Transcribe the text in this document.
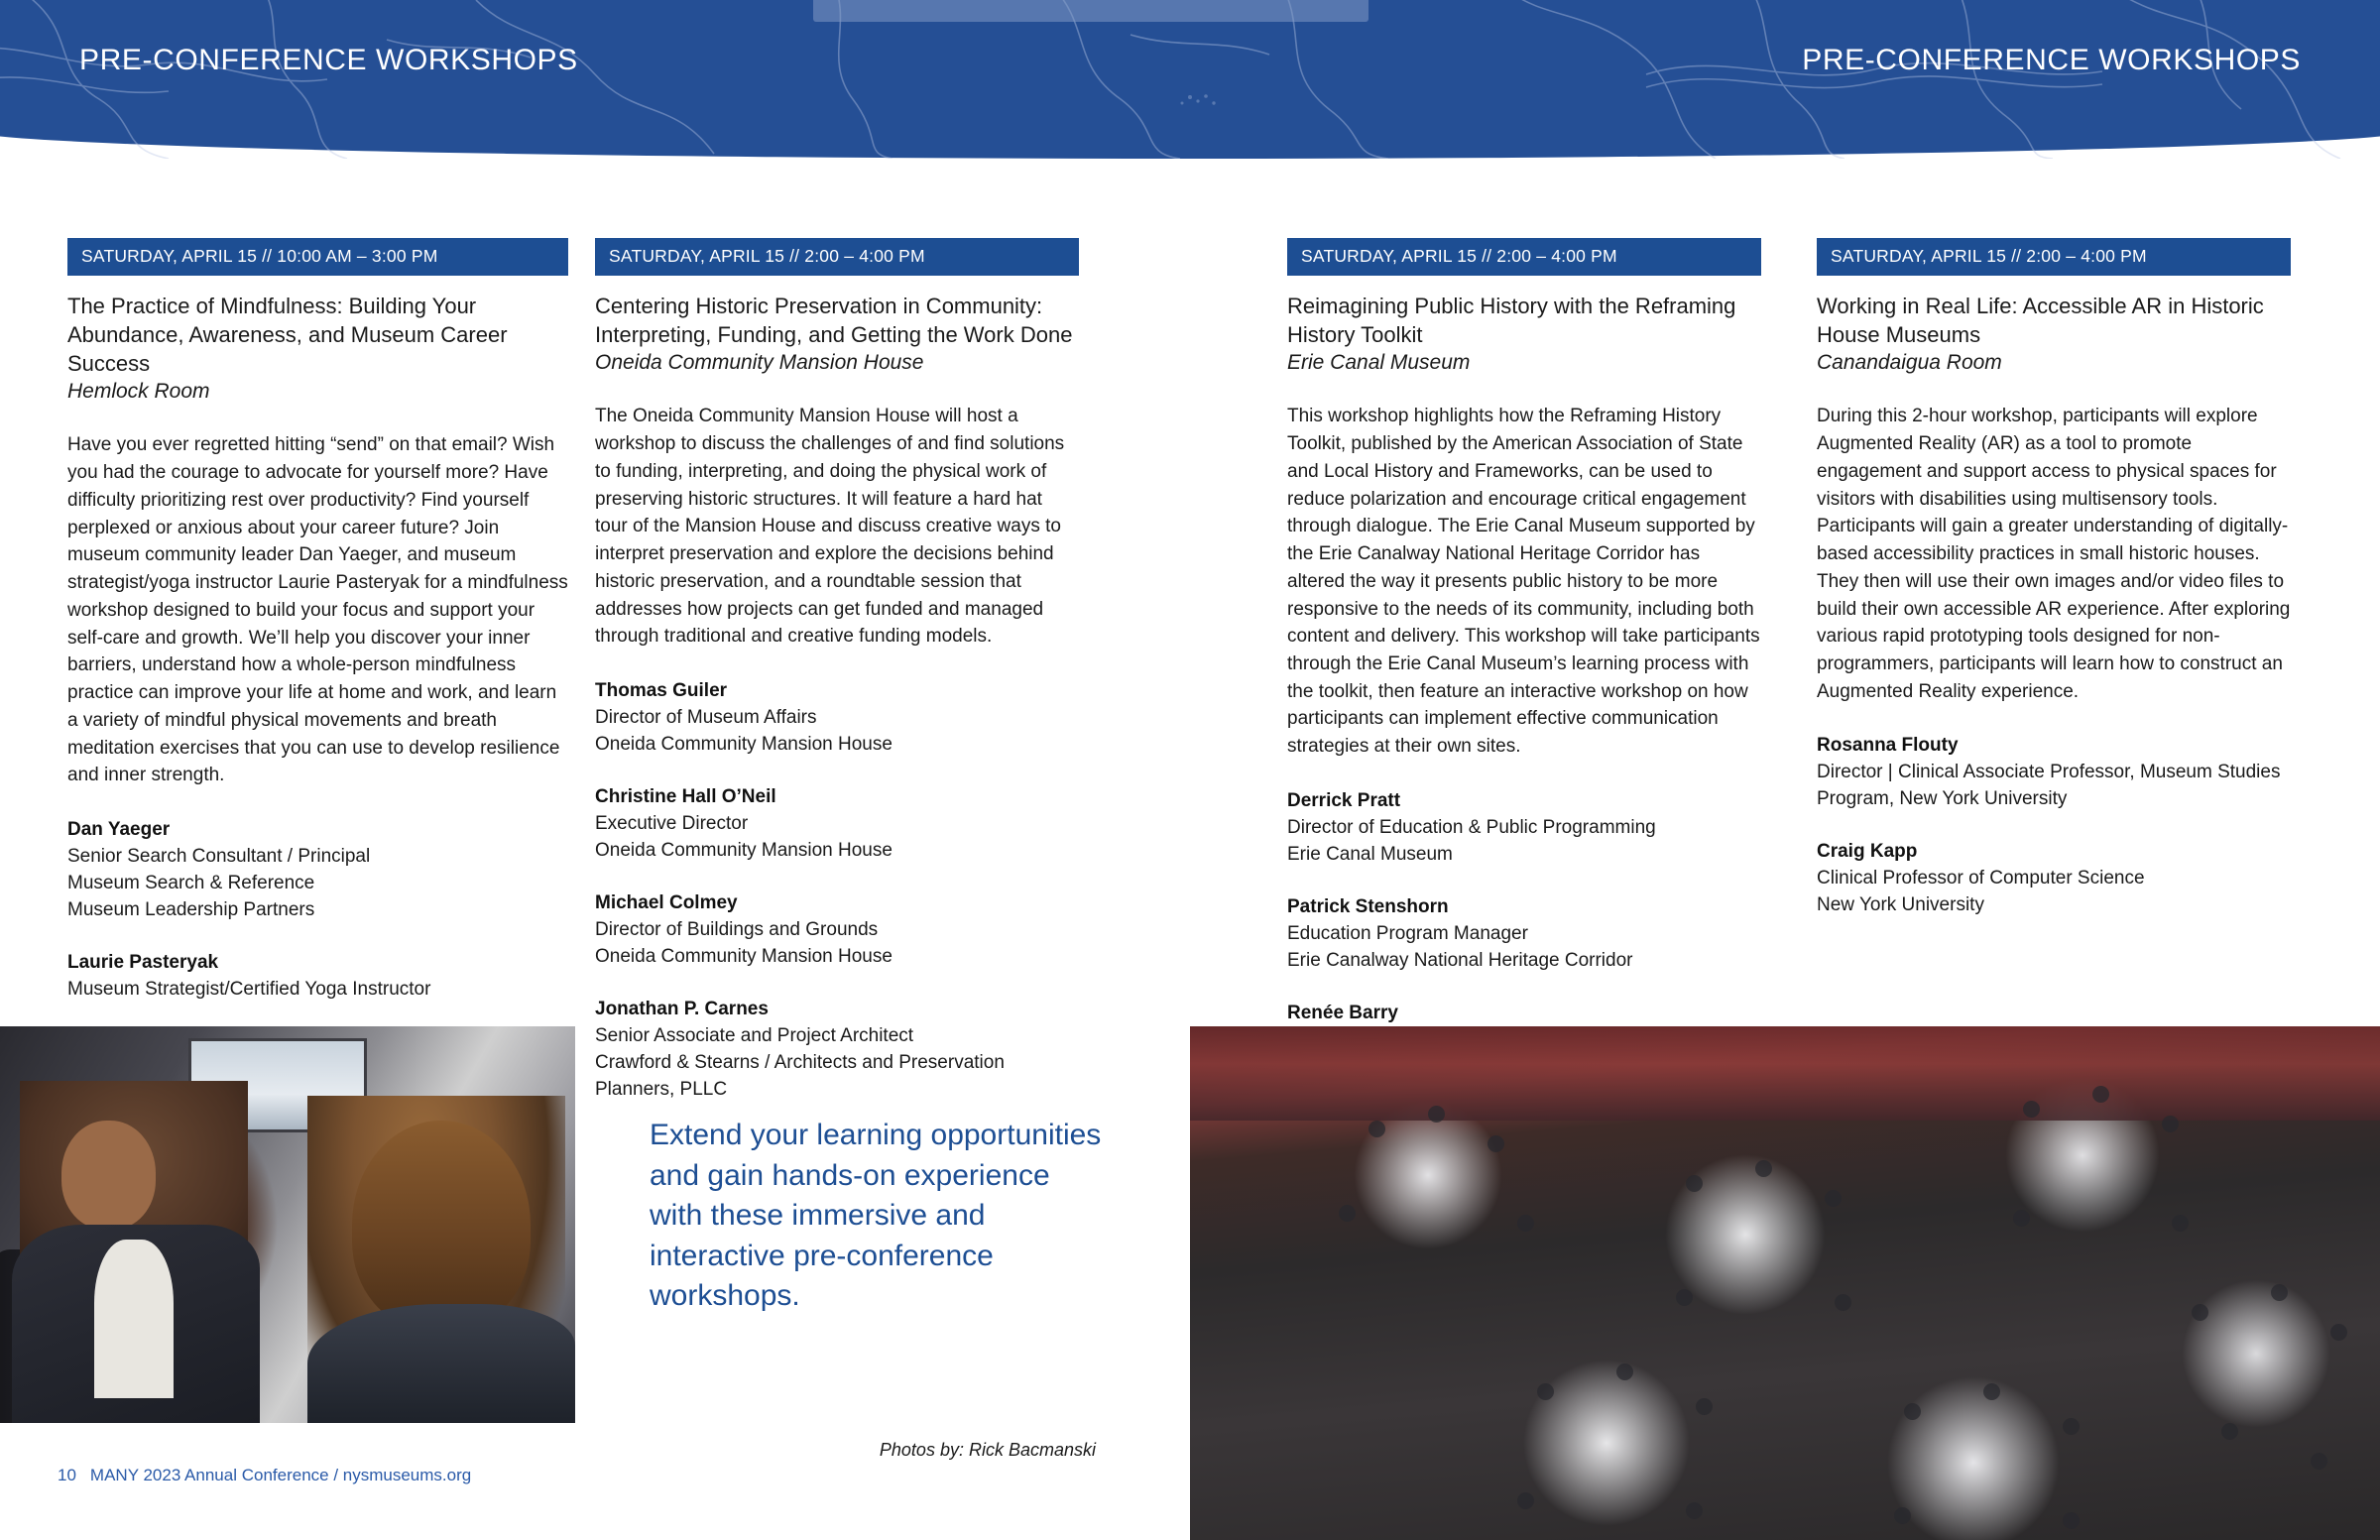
PRE-CONFERENCE WORKSHOPS	PRE-CONFERENCE WORKSHOPS
SATURDAY, APRIL 15 // 10:00 AM – 3:00 PM
The Practice of Mindfulness: Building Your Abundance, Awareness, and Museum Career Success

Hemlock Room

Have you ever regretted hitting “send” on that email? Wish you had the courage to advocate for yourself more? Have difficulty prioritizing rest over productivity? Find yourself perplexed or anxious about your career future? Join museum community leader Dan Yaeger, and museum strategist/yoga instructor Laurie Pasteryak for a mindfulness workshop designed to build your focus and support your self-care and growth. We’ll help you discover your inner barriers, understand how a whole-person mindfulness practice can improve your life at home and work, and learn a variety of mindful physical movements and breath meditation exercises that you can use to develop resilience and inner strength.

Dan Yaeger
Senior Search Consultant / Principal
Museum Search & Reference
Museum Leadership Partners
Laurie Pasteryak
Museum Strategist/Certified Yoga Instructor
SATURDAY, APRIL 15 // 2:00 – 4:00 PM
Centering Historic Preservation in Community: Interpreting, Funding, and Getting the Work Done

Oneida Community Mansion House

The Oneida Community Mansion House will host a workshop to discuss the challenges of and find solutions to funding, interpreting, and doing the physical work of preserving historic structures. It will feature a hard hat tour of the Mansion House and discuss creative ways to interpret preservation and explore the decisions behind historic preservation, and a roundtable session that addresses how projects can get funded and managed through traditional and creative funding models.

Thomas Guiler
Director of Museum Affairs
Oneida Community Mansion House
Christine Hall O’Neil
Executive Director
Oneida Community Mansion House
Michael Colmey
Director of Buildings and Grounds
Oneida Community Mansion House
Jonathan P. Carnes
Senior Associate and Project Architect
Crawford & Stearns / Architects and Preservation Planners, PLLC
SATURDAY, APRIL 15 // 2:00 – 4:00 PM
Reimagining Public History with the Reframing History Toolkit

Erie Canal Museum

This workshop highlights how the Reframing History Toolkit, published by the American Association of State and Local History and Frameworks, can be used to reduce polarization and encourage critical engagement through dialogue. The Erie Canal Museum supported by the Erie Canalway National Heritage Corridor has altered the way it presents public history to be more responsive to the needs of its community, including both content and delivery. This workshop will take participants through the Erie Canal Museum’s learning process with the toolkit, then feature an interactive workshop on how participants can implement effective communication strategies at their own sites.

Derrick Pratt
Director of Education & Public Programming
Erie Canal Museum
Patrick Stenshorn
Education Program Manager
Erie Canalway National Heritage Corridor
Renée Barry
SATURDAY, APRIL 15 // 2:00 – 4:00 PM
Working in Real Life: Accessible AR in Historic House Museums

Canandaigua Room

During this 2-hour workshop, participants will explore Augmented Reality (AR) as a tool to promote engagement and support access to physical spaces for visitors with disabilities using multisensory tools. Participants will gain a greater understanding of digitally-based accessibility practices in small historic houses. They then will use their own images and/or video files to build their own accessible AR experience. After exploring various rapid prototyping tools designed for non-programmers, participants will learn how to construct an Augmented Reality experience.

Rosanna Flouty
Director | Clinical Associate Professor, Museum Studies Program, New York University
Craig Kapp
Clinical Professor of Computer Science
New York University
Extend your learning opportunities and gain hands-on experience with these immersive and interactive pre-conference workshops.
Photos by: Rick Bacmanski
10 MANY 2023 Annual Conference / nysmuseums.org
